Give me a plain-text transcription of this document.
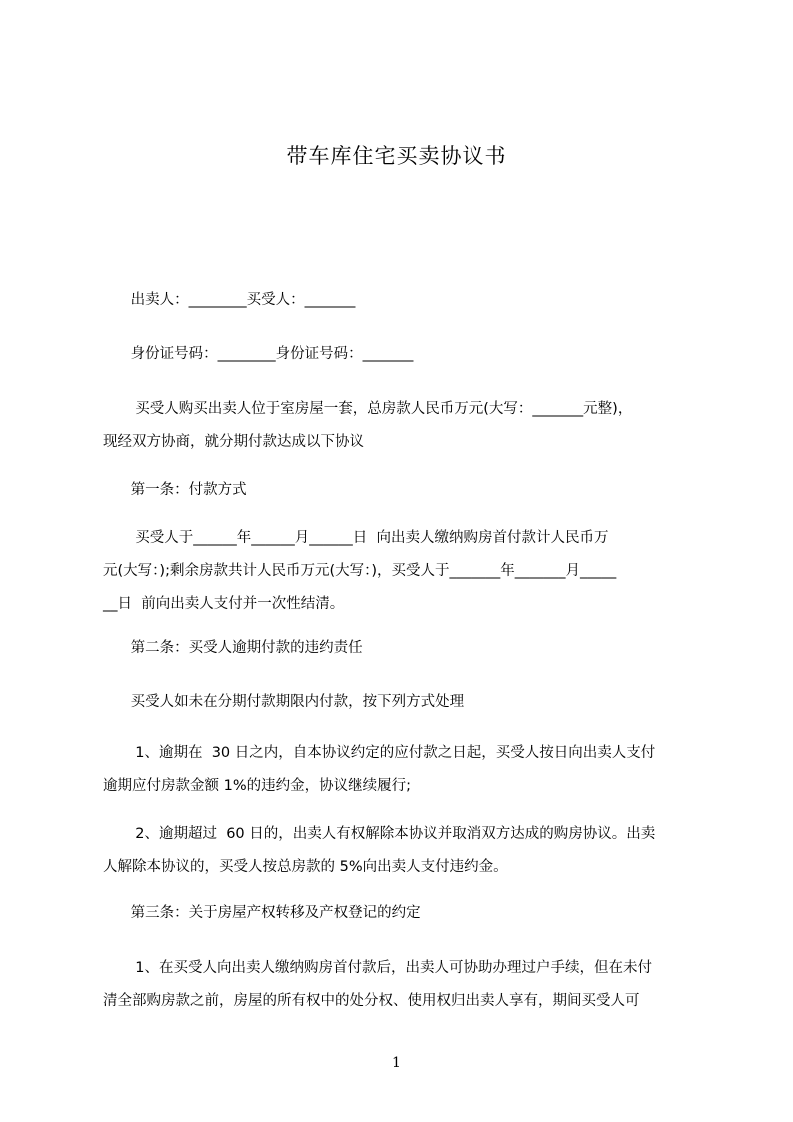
带车库住宅买卖协议书

出卖人：________买受人：_______

身份证号码：________身份证号码：_______

买受人购买出卖人位于室房屋一套，总房款人民币万元(大写：_______元整)，
现经双方协商，就分期付款达成以下协议

第一条：付款方式

买受人于______年______月______日  向出卖人缴纳购房首付款计人民币万
元(大写：);剩余房款共计人民币万元(大写：)，买受人于_______年_______月_____
__日  前向出卖人支付并一次性结清。

第二条：买受人逾期付款的违约责任

买受人如未在分期付款期限内付款，按下列方式处理

1、逾期在  30 日之内，自本协议约定的应付款之日起，买受人按日向出卖人支付
逾期应付房款金额 1%的违约金，协议继续履行;

2、逾期超过  60 日的，出卖人有权解除本协议并取消双方达成的购房协议。出卖
人解除本协议的，买受人按总房款的 5%向出卖人支付违约金。

第三条：关于房屋产权转移及产权登记的约定

1、在买受人向出卖人缴纳购房首付款后，出卖人可协助办理过户手续，但在未付
清全部购房款之前，房屋的所有权中的处分权、使用权归出卖人享有，期间买受人可

1
